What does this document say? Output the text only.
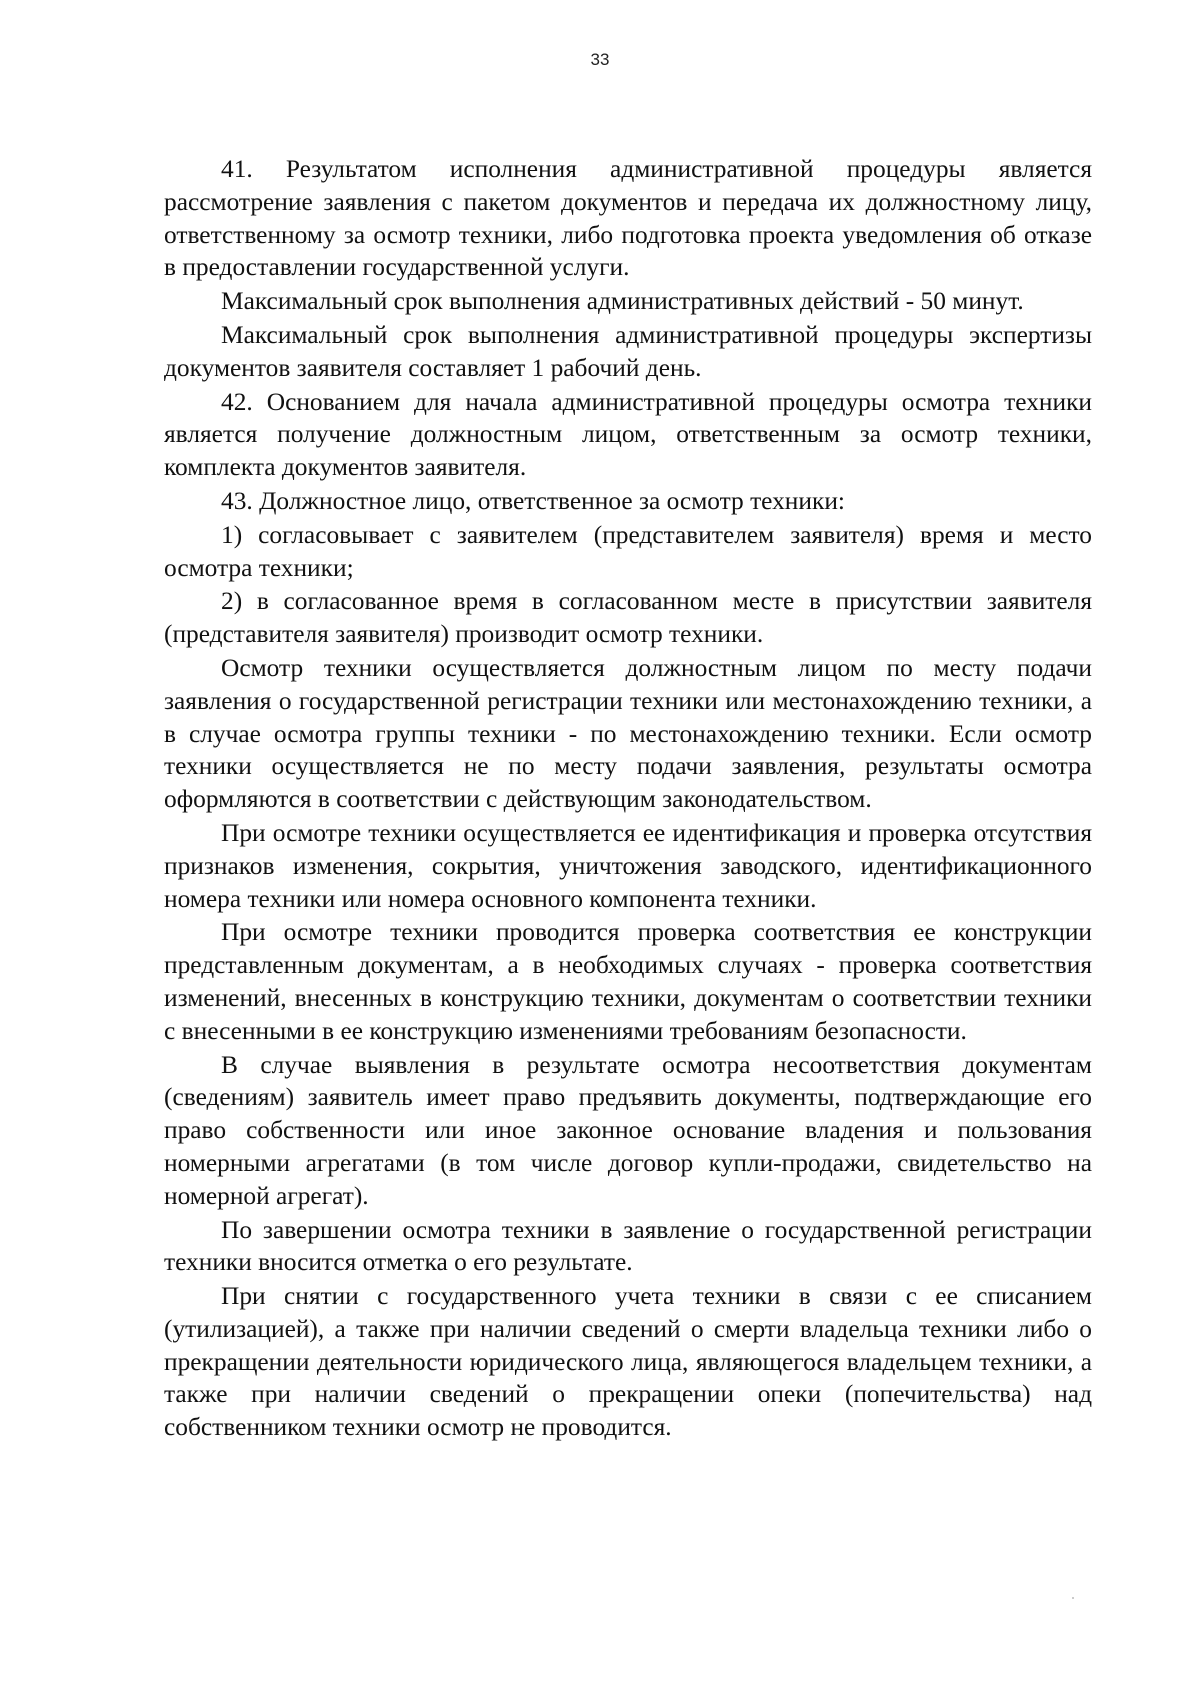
33

41. Результатом исполнения административной процедуры является рассмотрение заявления с пакетом документов и передача их должностному лицу, ответственному за осмотр техники, либо подготовка проекта уведомления об отказе в предоставлении государственной услуги.

Максимальный срок выполнения административных действий - 50 минут.

Максимальный срок выполнения административной процедуры экспертизы документов заявителя составляет 1 рабочий день.

42. Основанием для начала административной процедуры осмотра техники является получение должностным лицом, ответственным за осмотр техники, комплекта документов заявителя.

43. Должностное лицо, ответственное за осмотр техники:

1) согласовывает с заявителем (представителем заявителя) время и место осмотра техники;

2) в согласованное время в согласованном месте в присутствии заявителя (представителя заявителя) производит осмотр техники.

Осмотр техники осуществляется должностным лицом по месту подачи заявления о государственной регистрации техники или местонахождению техники, а в случае осмотра группы техники - по местонахождению техники. Если осмотр техники осуществляется не по месту подачи заявления, результаты осмотра оформляются в соответствии с действующим законодательством.

При осмотре техники осуществляется ее идентификация и проверка отсутствия признаков изменения, сокрытия, уничтожения заводского, идентификационного номера техники или номера основного компонента техники.

При осмотре техники проводится проверка соответствия ее конструкции представленным документам, а в необходимых случаях - проверка соответствия изменений, внесенных в конструкцию техники, документам о соответствии техники с внесенными в ее конструкцию изменениями требованиям безопасности.

В случае выявления в результате осмотра несоответствия документам (сведениям) заявитель имеет право предъявить документы, подтверждающие его право собственности или иное законное основание владения и пользования номерными агрегатами (в том числе договор купли-продажи, свидетельство на номерной агрегат).

По завершении осмотра техники в заявление о государственной регистрации техники вносится отметка о его результате.

При снятии с государственного учета техники в связи с ее списанием (утилизацией), а также при наличии сведений о смерти владельца техники либо о прекращении деятельности юридического лица, являющегося владельцем техники, а также при наличии сведений о прекращении опеки (попечительства) над собственником техники осмотр не проводится.
